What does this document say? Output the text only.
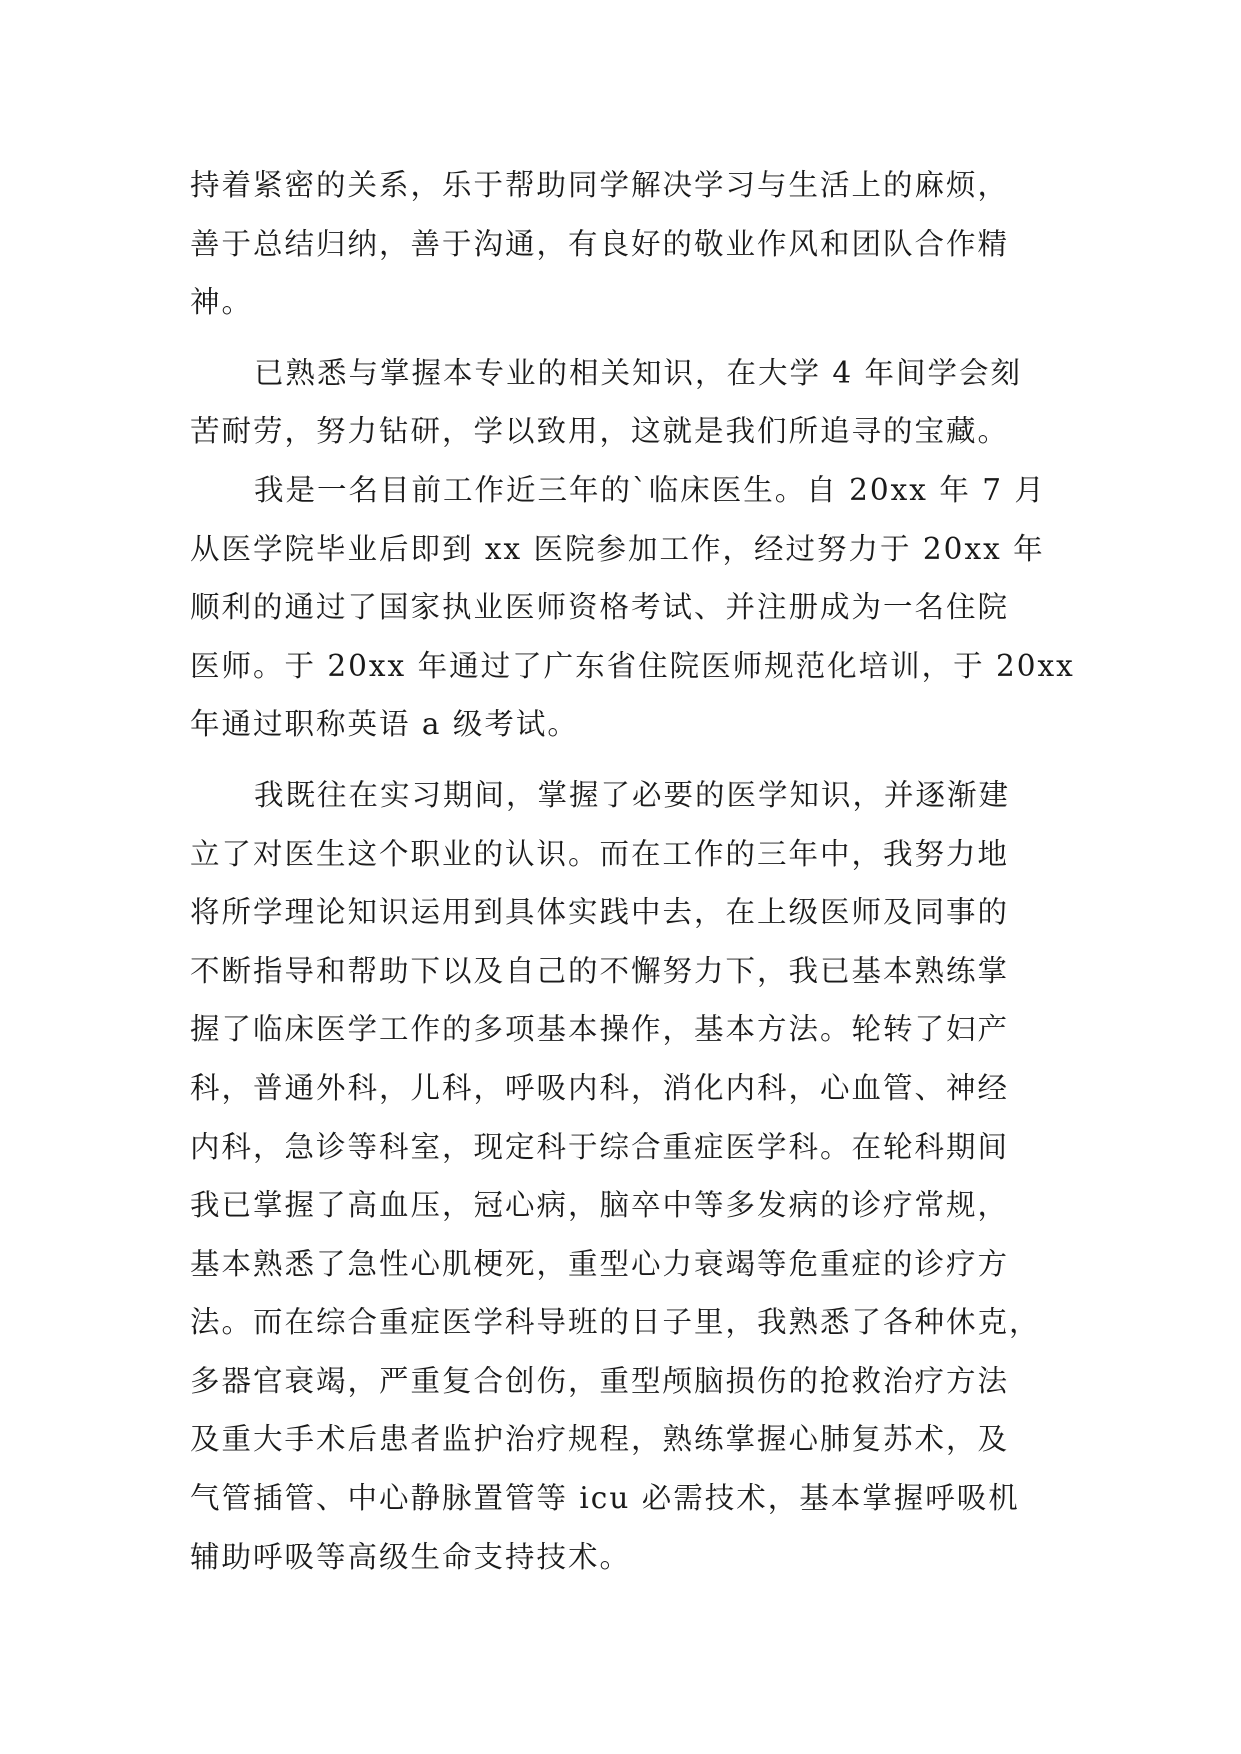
持着紧密的关系，乐于帮助同学解决学习与生活上的麻烦，
善于总结归纳，善于沟通，有良好的敬业作风和团队合作精
神。
已熟悉与掌握本专业的相关知识，在大学 4 年间学会刻
苦耐劳，努力钻研，学以致用，这就是我们所追寻的宝藏。
我是一名目前工作近三年的`临床医生。自 20xx 年 7 月
从医学院毕业后即到 xx 医院参加工作，经过努力于 20xx 年
顺利的通过了国家执业医师资格考试、并注册成为一名住院
医师。于 20xx 年通过了广东省住院医师规范化培训，于 20xx
年通过职称英语 a 级考试。
我既往在实习期间，掌握了必要的医学知识，并逐渐建
立了对医生这个职业的认识。而在工作的三年中，我努力地
将所学理论知识运用到具体实践中去，在上级医师及同事的
不断指导和帮助下以及自己的不懈努力下，我已基本熟练掌
握了临床医学工作的多项基本操作，基本方法。轮转了妇产
科，普通外科，儿科，呼吸内科，消化内科，心血管、神经
内科，急诊等科室，现定科于综合重症医学科。在轮科期间
我已掌握了高血压，冠心病，脑卒中等多发病的诊疗常规，
基本熟悉了急性心肌梗死，重型心力衰竭等危重症的诊疗方
法。而在综合重症医学科导班的日子里，我熟悉了各种休克，
多器官衰竭，严重复合创伤，重型颅脑损伤的抢救治疗方法
及重大手术后患者监护治疗规程，熟练掌握心肺复苏术，及
气管插管、中心静脉置管等 icu 必需技术，基本掌握呼吸机
辅助呼吸等高级生命支持技术。
